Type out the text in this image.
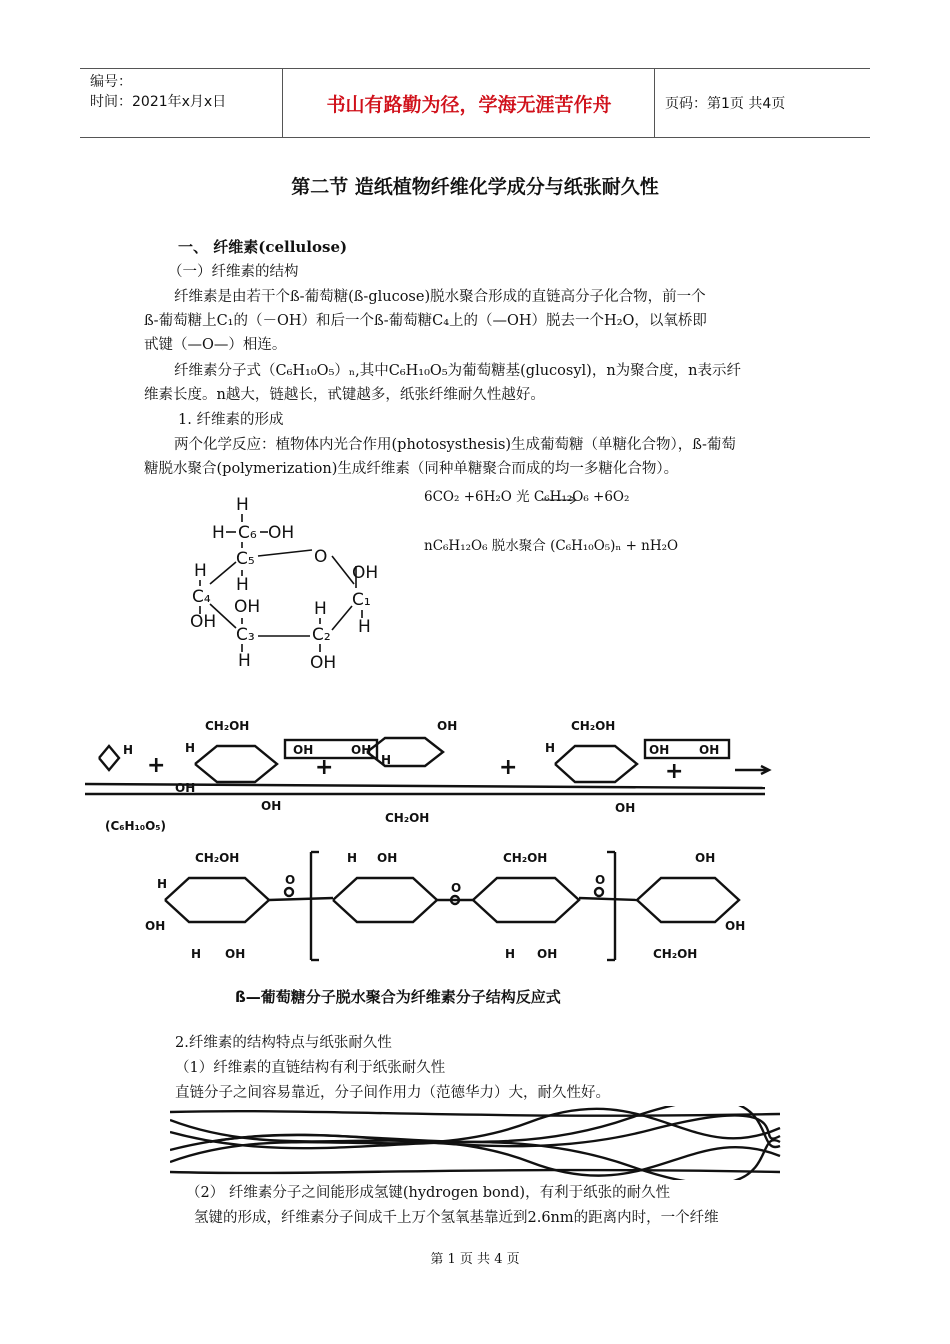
编号：
时间：2021年x月x日	书山有路勤为径，学海无涯苦作舟	页码：第1页 共4页
第二节 造纸植物纤维化学成分与纸张耐久性
一、 纤维素(cellulose)
（一）纤维素的结构
纤维素是由若干个ß-葡萄糖(ß-glucose)脱水聚合形成的直链高分子化合物，前一个
ß-葡萄糖上C₁的（－OH）和后一个ß-葡萄糖C₄上的（—OH）脱去一个H₂O，以氧桥即
甙键（—O—）相连。
纤维素分子式（C₆H₁₀O₅）ₙ,其中C₆H₁₀O₅为葡萄糖基(glucosyl)，n为聚合度，n表示纤
维素长度。n越大，链越长，甙键越多，纸张纤维耐久性越好。
1. 纤维素的形成
两个化学反应：植物体内光合作用(photosysthesis)生成葡萄糖（单糖化合物），ß-葡萄
糖脱水聚合(polymerization)生成纤维素（同种单糖聚合而成的均一多糖化合物）。
6CO₂ +6H₂O 光 C₆H₁₂O₆ +6O₂
nC₆H₁₂O₆ 脱水聚合 (C₆H₁₀O₅)ₙ + nH₂O
H
H C₆ OH
C₅	O
H
H
OH
C₄	C₁
OH	H
OH	H
C₃	C₂
H	OH
CH₂OH
CH₂OH
CH₂OH
OH
OH	OH	OH OH
OH
OH	OH
H	H
H
H
(C₆H₁₀O₅)
CH₂OH	CH₂OH
CH₂OH
OH	OH
OH
OH	OH
OH
H
H
H	H
+	+	+	+
O
O
O
ß—葡萄糖分子脱水聚合为纤维素分子结构反应式
2.纤维素的结构特点与纸张耐久性
（1）纤维素的直链结构有利于纸张耐久性
直链分子之间容易靠近，分子间作用力（范德华力）大，耐久性好。
（2） 纤维素分子之间能形成氢键(hydrogen bond)，有利于纸张的耐久性
氢键的形成，纤维素分子间成千上万个氢氧基靠近到2.6nm的距离内时，一个纤维
第 1 页 共 4 页
